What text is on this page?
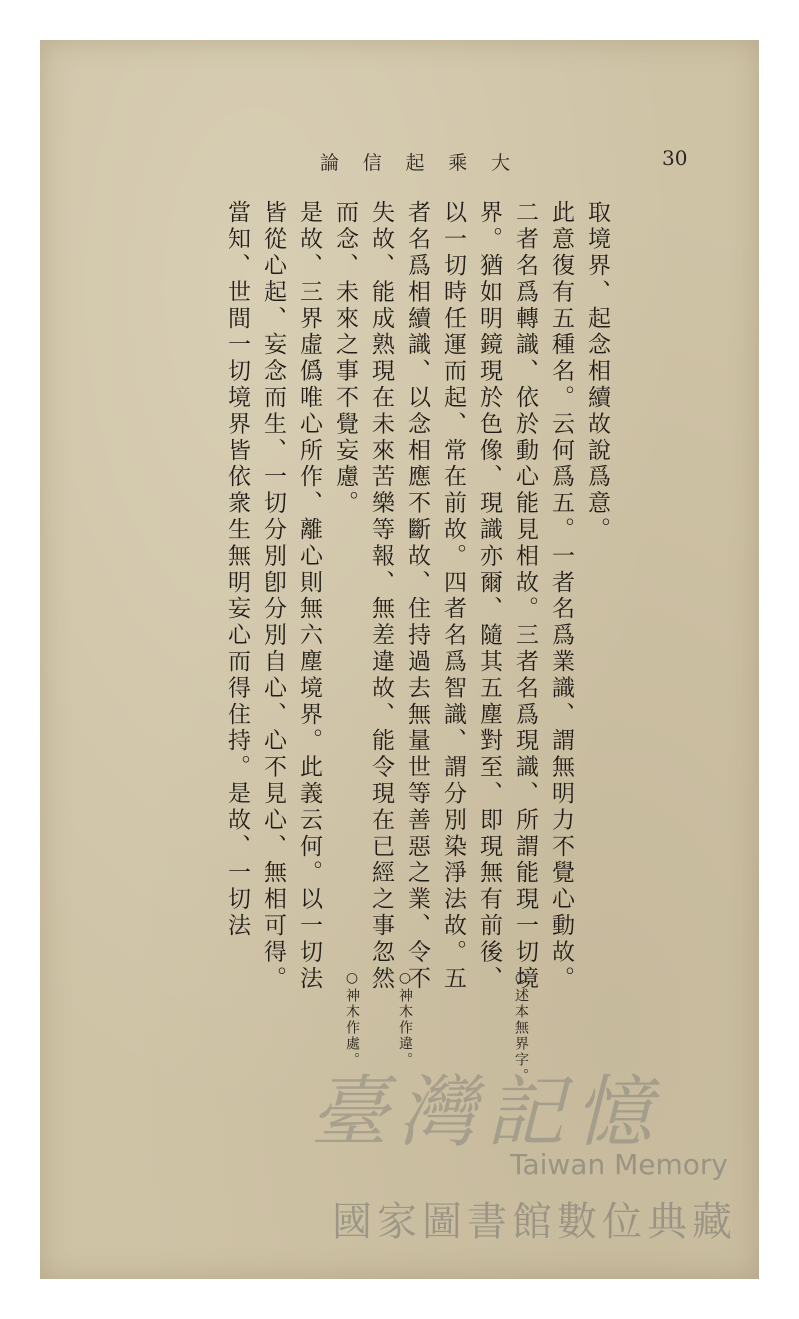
論 信 起 乘 大	30
取境界、起念相續故說爲意。
此意復有五種名。云何爲五。一者名爲業識、謂無明力不覺心動故。
二者名爲轉識、依於動心能見相故。三者名爲現識、所謂能現一切境
界。猶如明鏡現於色像、現識亦爾、隨其五塵對至、即現無有前後、
以一切時任運而起、常在前故。四者名爲智識、謂分別染淨法故。五
者名爲相續識、以念相應不斷故、住持過去無量世等善惡之業、令不
失故、能成熟現在未來苦樂等報、無差違故、能令現在已經之事忽然
而念、未來之事不覺妄慮。
是故、三界虛僞唯心所作、離心則無六塵境界。此義云何。以一切法
皆從心起、妄念而生、一切分別卽分別自心、心不見心、無相可得。
當知、世間一切境界皆依衆生無明妄心而得住持。是故、一切法
○述本無界字。
○神木作違。
○神木作處。
臺灣記憶
Taiwan Memory
國家圖書館數位典藏
